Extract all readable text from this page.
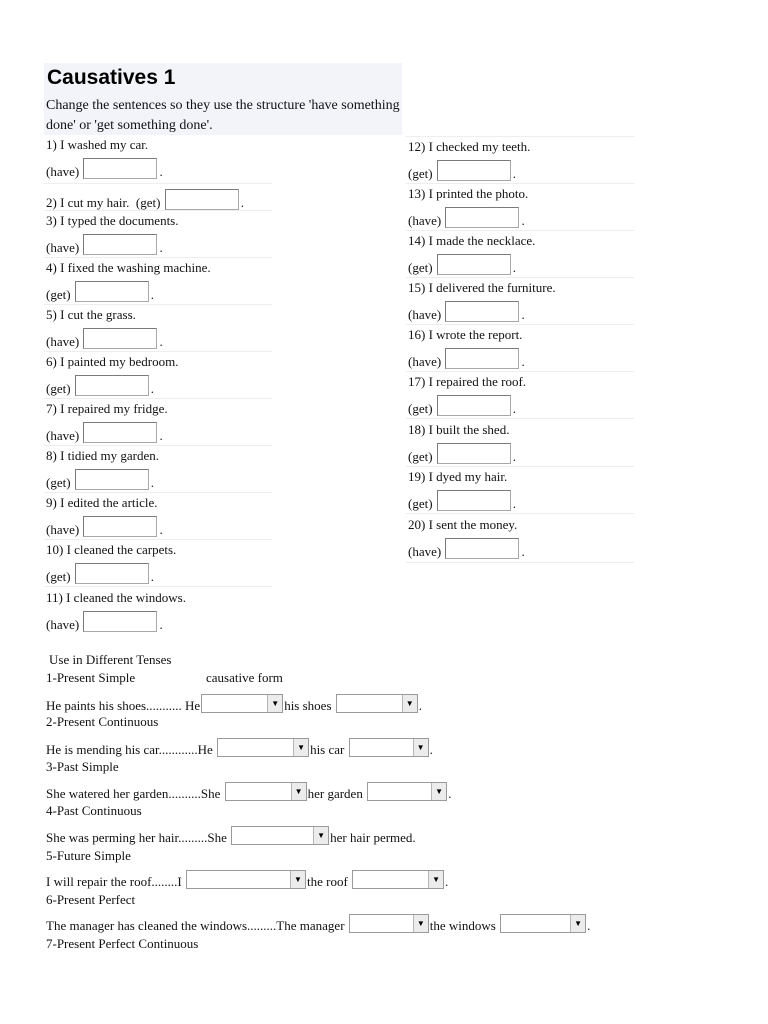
Causatives 1
Change the sentences so they use the structure 'have something done' or 'get something done'.
1) I washed my car.
(have)	.
2) I cut my hair. (get)	.
3) I typed the documents.
(have)	.
4) I fixed the washing machine.
(get)	.
5) I cut the grass.
(have)	.
6) I painted my bedroom.
(get)	.
7) I repaired my fridge.
(have)	.
8) I tidied my garden.
(get)	.
9) I edited the article.
(have)	.
10) I cleaned the carpets.
(get)	.
11) I cleaned the windows.
(have)	.
12) I checked my teeth.
(get)	.
13) I printed the photo.
(have)	.
14) I made the necklace.
(get)	.
15) I delivered the furniture.
(have)	.
16) I wrote the report.
(have)	.
17) I repaired the roof.
(get)	.
18) I built the shed.
(get)	.
19) I dyed my hair.
(get)	.
20) I sent the money.
(have)	.
Use in Different Tenses
1-Present Simple	causative form
He paints his shoes........... He	▼ his shoes	▼ .
2-Present Continuous
He is mending his car............He	▼ his car	▼ .
3-Past Simple
She watered her garden..........She	▼ her garden	▼ .
4-Past Continuous
She was perming her hair.........She	▼ her hair permed.
5-Future Simple
I will repair the roof........I	▼ the roof	▼ .
6-Present Perfect
The manager has cleaned the windows.........The manager	▼ the windows	▼ .
7-Present Perfect Continuous
